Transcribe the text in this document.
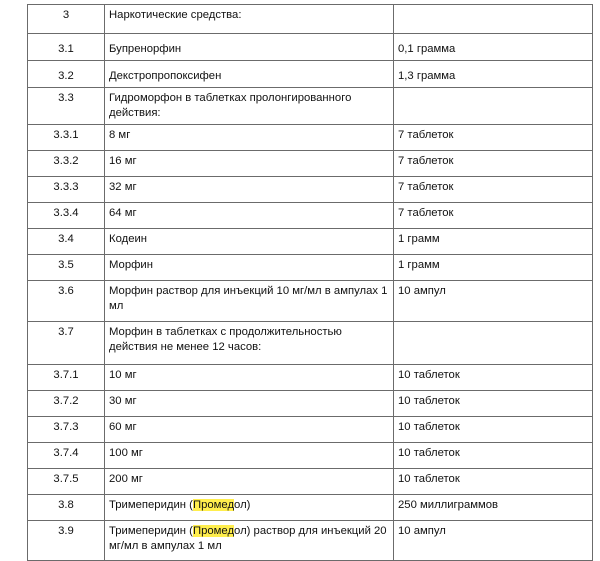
3	Наркотические средства:	
3.1	Бупренорфин	0,1 грамма
3.2	Декстропропоксифен	1,3 грамма
3.3	Гидроморфон в таблетках пролонгированного действия:	
3.3.1	8 мг	7 таблеток
3.3.2	16 мг	7 таблеток
3.3.3	32 мг	7 таблеток
3.3.4	64 мг	7 таблеток
3.4	Кодеин	1 грамм
3.5	Морфин	1 грамм
3.6	Морфин раствор для инъекций 10 мг/мл в ампулах 1 мл	10 ампул
3.7	Морфин в таблетках с продолжительностью действия не менее 12 часов:	
3.7.1	10 мг	10 таблеток
3.7.2	30 мг	10 таблеток
3.7.3	60 мг	10 таблеток
3.7.4	100 мг	10 таблеток
3.7.5	200 мг	10 таблеток
3.8	Тримеперидин (Промедол)	250 миллиграммов
3.9	Тримеперидин (Промедол) раствор для инъекций 20 мг/мл в ампулах 1 мл	10 ампул
